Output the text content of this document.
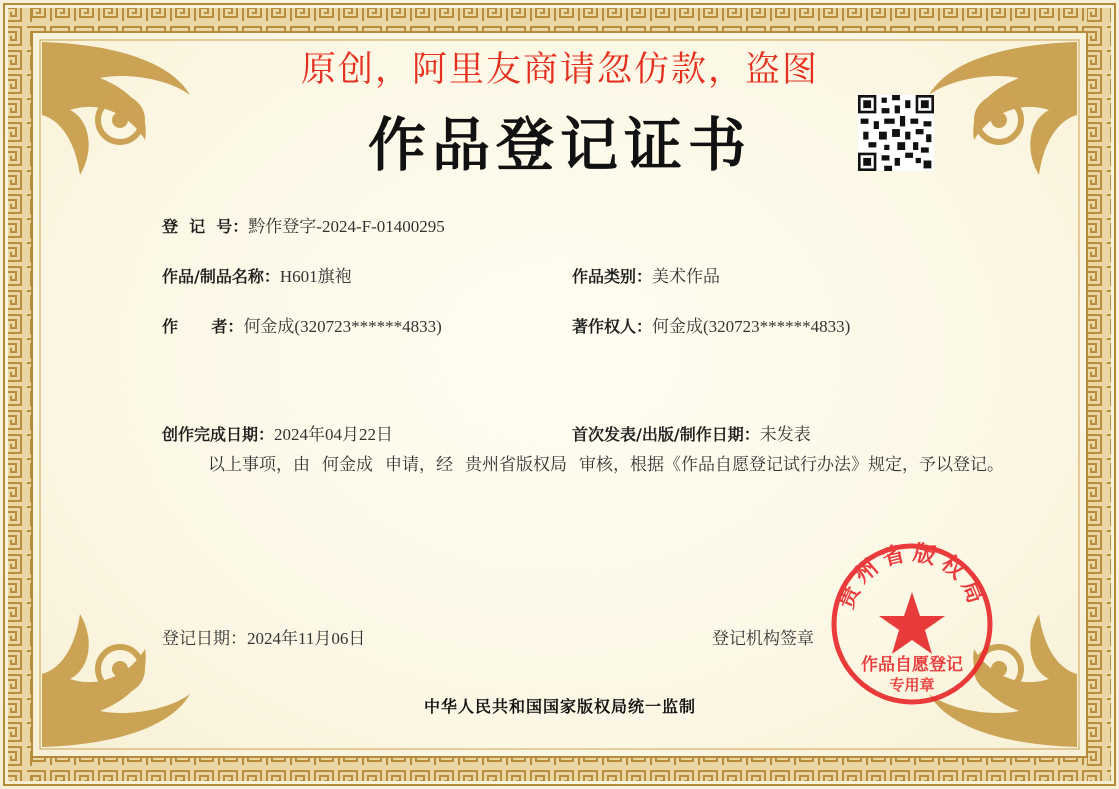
原创，阿里友商请忽仿款，盗图
作品登记证书
登  记  号：黔作登字-2024-F-01400295
作品/制品名称：H601旗袍	作品类别：美术作品
作      者：何金成(320723******4833)	著作权人：何金成(320723******4833)
创作完成日期：2024年04月22日	首次发表/出版/制作日期：未发表
以上事项，由 何金成 申请，经 贵州省版权局 审核，根据《作品自愿登记试行办法》规定，予以登记。
登记日期：2024年11月06日	登记机构签章
中华人民共和国国家版权局统一监制
贵州省版权局
作品自愿登记
专用章
